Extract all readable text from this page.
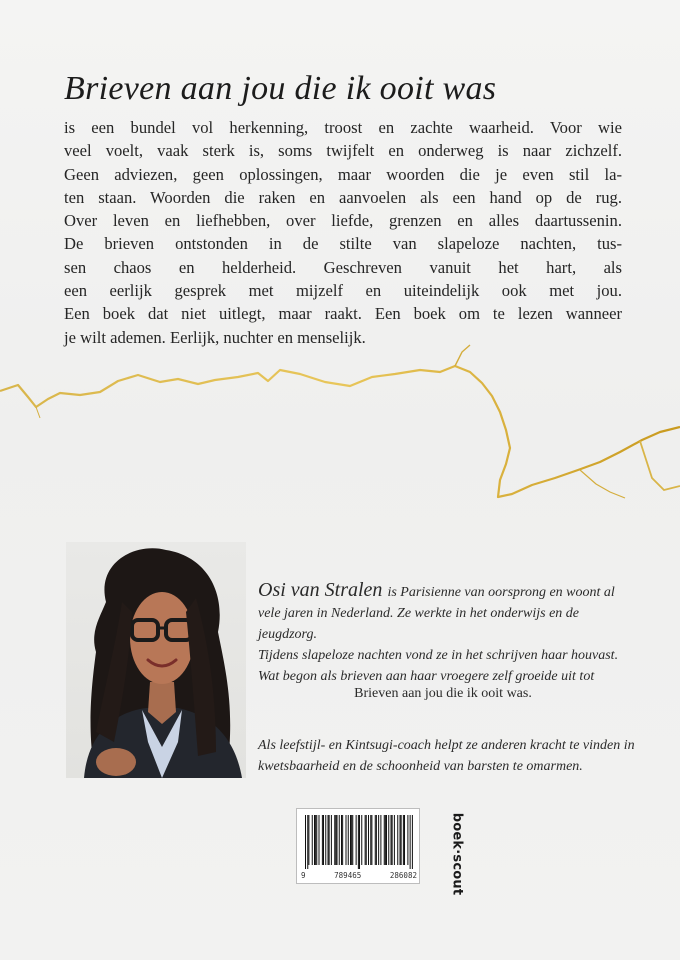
Brieven aan jou die ik ooit was

is een bundel vol herkenning, troost en zachte waarheid. Voor wie
veel voelt, vaak sterk is, soms twijfelt en onderweg is naar zichzelf.
Geen adviezen, geen oplossingen, maar woorden die je even stil la-
ten staan. Woorden die raken en aanvoelen als een hand op de rug.
Over leven en liefhebben, over liefde, grenzen en alles daartussenin.
De brieven ontstonden in de stilte van slapeloze nachten, tus-
sen chaos en helderheid. Geschreven vanuit het hart, als
een eerlijk gesprek met mijzelf en uiteindelijk ook met jou.
Een boek dat niet uitlegt, maar raakt. Een boek om te lezen wanneer
je wilt ademen. Eerlijk, nuchter en menselijk.

Osi van Stralen is Parisienne van oorsprong en woont al
vele jaren in Nederland. Ze werkte in het onderwijs en de jeugdzorg.
Tijdens slapeloze nachten vond ze in het schrijven haar houvast.
Wat begon als brieven aan haar vroegere zelf groeide uit tot

Brieven aan jou die ik ooit was.

Als leefstijl- en Kintsugi-coach helpt ze anderen kracht te vinden in
kwetsbaarheid en de schoonheid van barsten te omarmen.

9	789465	286082	boek·scout
